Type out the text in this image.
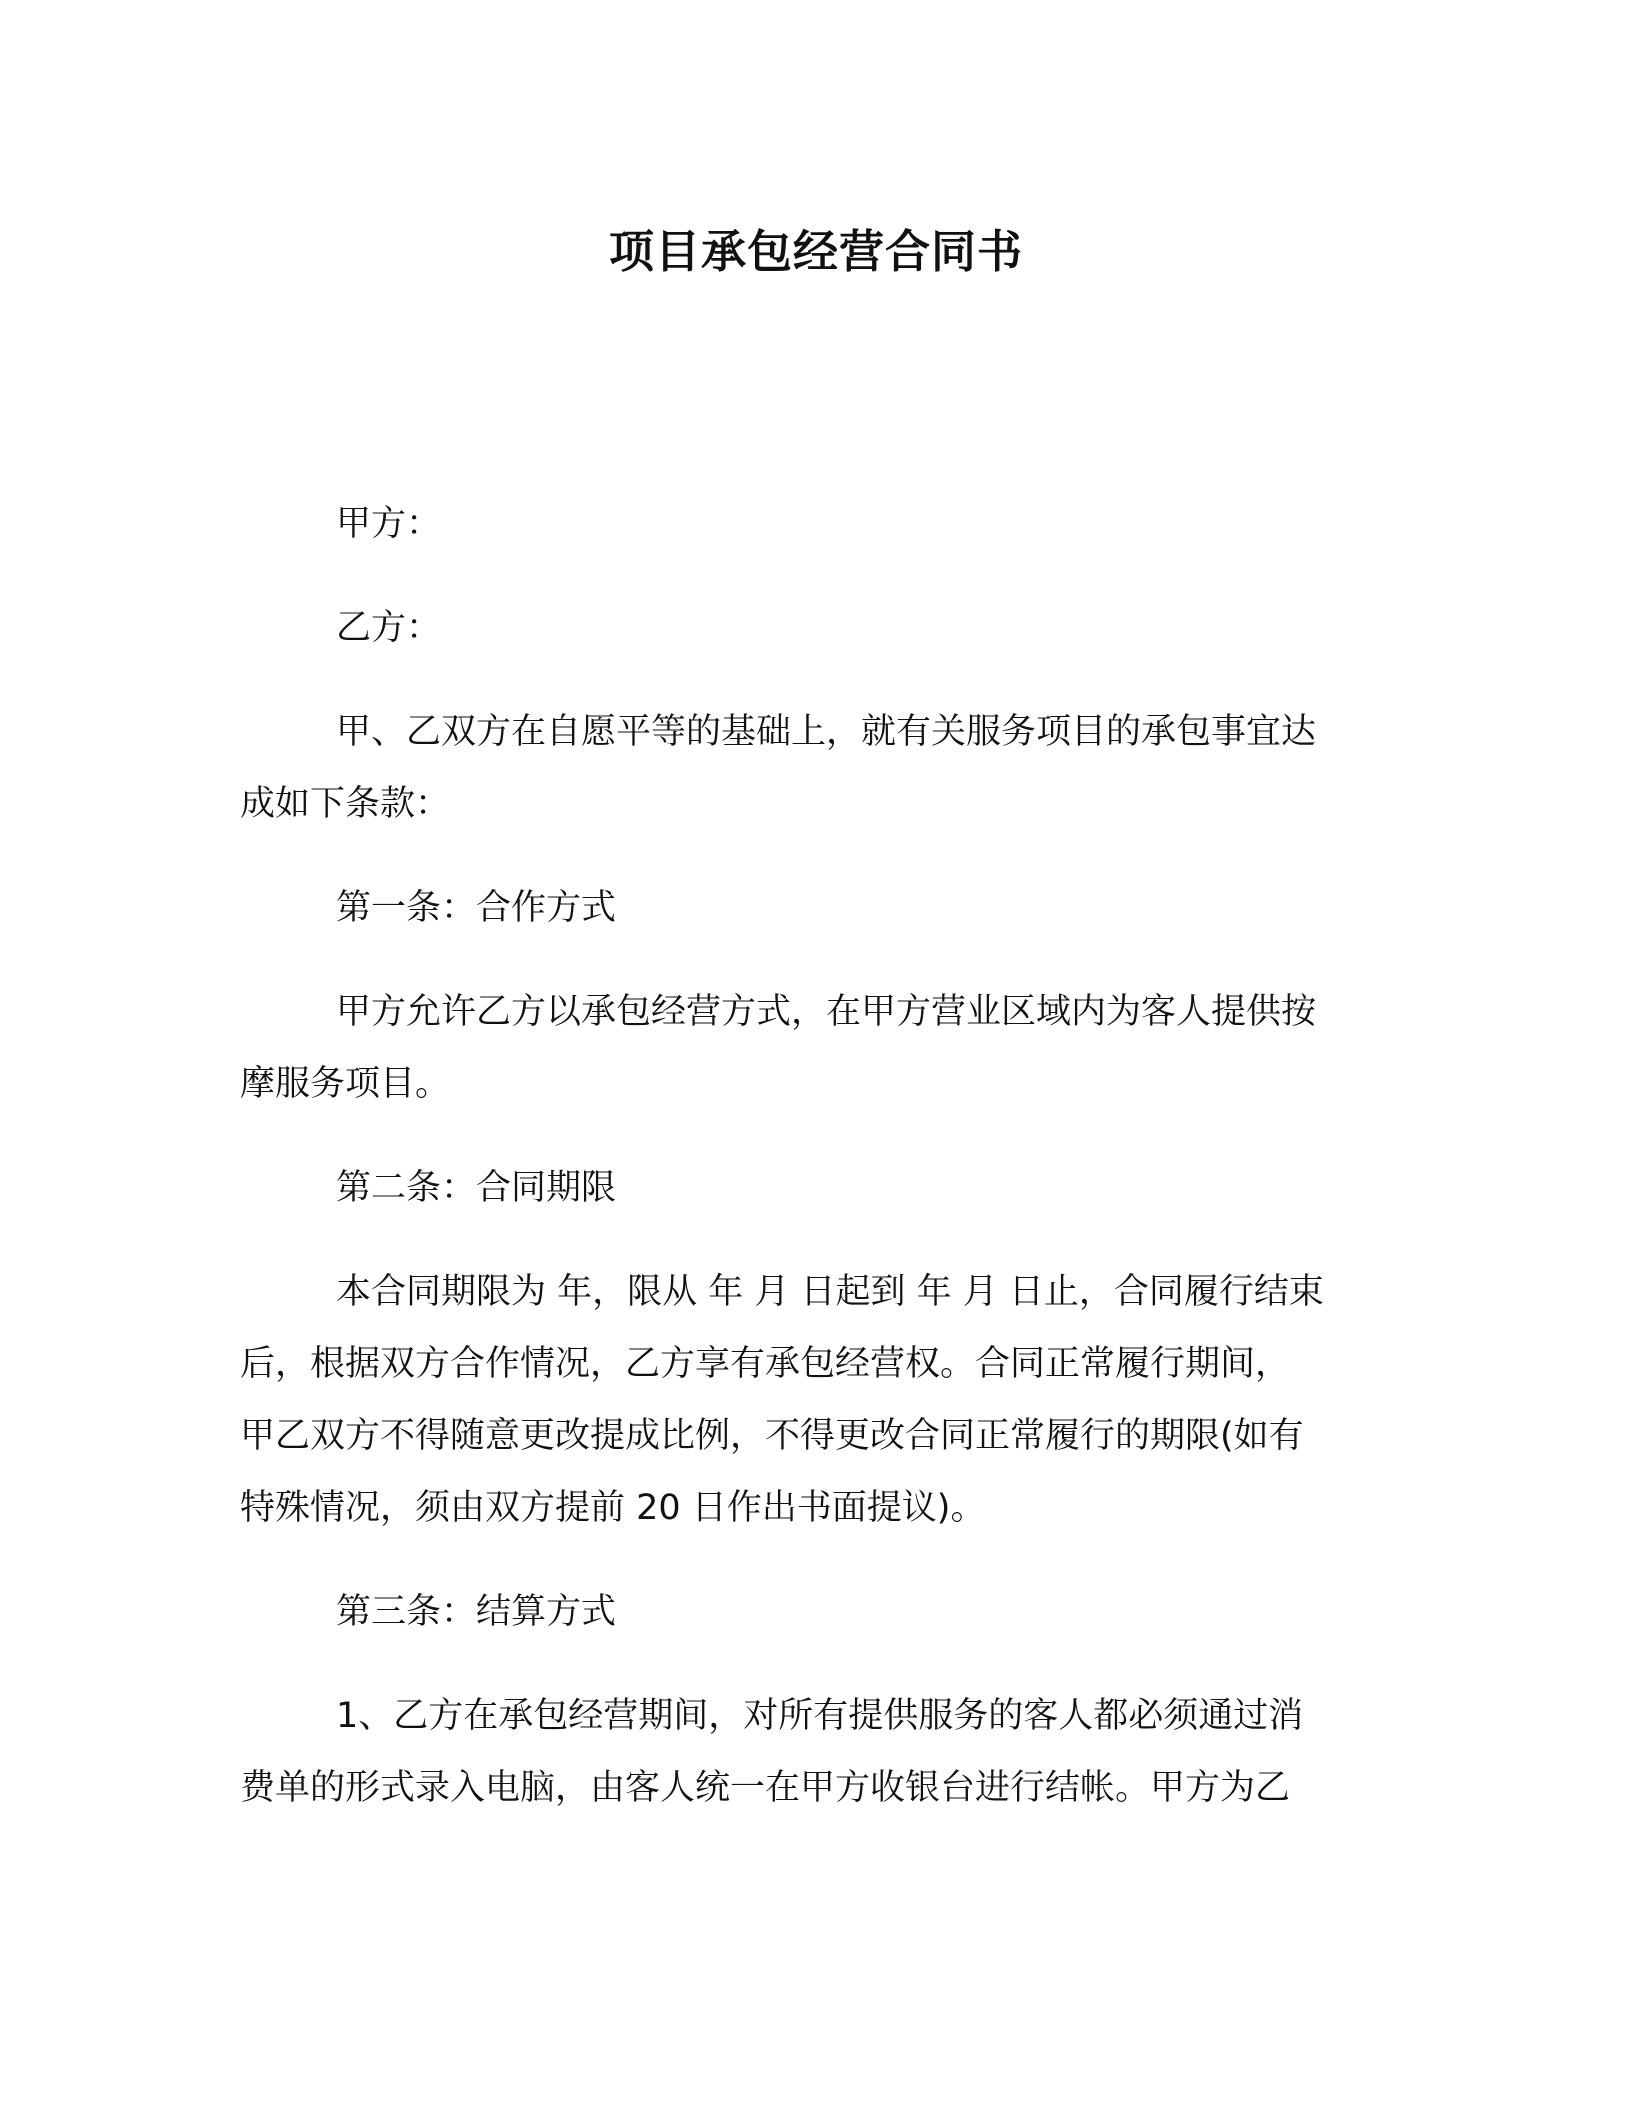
项目承包经营合同书
甲方：
乙方：
甲、乙双方在自愿平等的基础上，就有关服务项目的承包事宜达
成如下条款：
第一条：合作方式
甲方允许乙方以承包经营方式，在甲方营业区域内为客人提供按
摩服务项目。
第二条：合同期限
本合同期限为 年，限从 年 月 日起到 年 月 日止，合同履行结束
后，根据双方合作情况，乙方享有承包经营权。合同正常履行期间，
甲乙双方不得随意更改提成比例，不得更改合同正常履行的期限(如有
特殊情况，须由双方提前 20 日作出书面提议)。
第三条：结算方式
1、乙方在承包经营期间，对所有提供服务的客人都必须通过消
费单的形式录入电脑，由客人统一在甲方收银台进行结帐。甲方为乙
